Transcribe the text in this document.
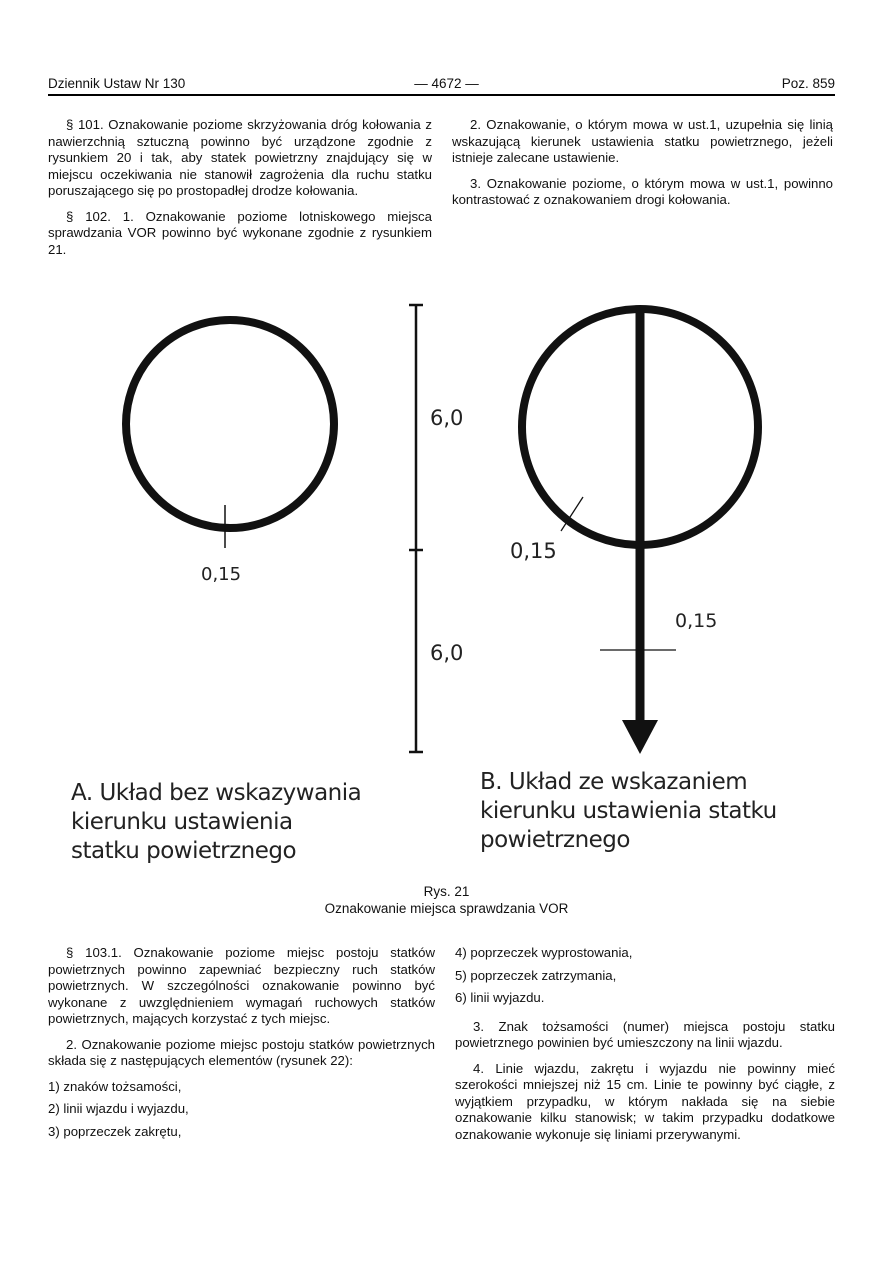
Dziennik Ustaw Nr 130	— 4672 —	Poz. 859

§ 101. Oznakowanie poziome skrzyżowania dróg kołowania z nawierzchnią sztuczną powinno być urządzone zgodnie z rysunkiem 20 i tak, aby statek powietrzny znajdujący się w miejscu oczekiwania nie stanowił zagrożenia dla ruchu statku poruszającego się po prostopadłej drodze kołowania.

§ 102. 1. Oznakowanie poziome lotniskowego miejsca sprawdzania VOR powinno być wykonane zgodnie z rysunkiem 21.

2. Oznakowanie, o którym mowa w ust.1, uzupełnia się linią wskazującą kierunek ustawienia statku powietrznego, jeżeli istnieje zalecane ustawienie.

3. Oznakowanie poziome, o którym mowa w ust.1, powinno kontrastować z oznakowaniem drogi kołowania.

0,15
6,0
6,0
0,15
0,15
A. Układ bez wskazywania
kierunku ustawienia
statku powietrznego
B. Układ ze wskazaniem
kierunku ustawienia statku
powietrznego
Rys. 21
Oznakowanie miejsca sprawdzania VOR

§ 103.1. Oznakowanie poziome miejsc postoju statków powietrznych powinno zapewniać bezpieczny ruch statków powietrznych. W szczególności oznakowanie powinno być wykonane z uwzględnieniem wymagań ruchowych statków powietrznych, mających korzystać z tych miejsc.

2. Oznakowanie poziome miejsc postoju statków powietrznych składa się z następujących elementów (rysunek 22):

1) znaków tożsamości,

2) linii wjazdu i wyjazdu,

3) poprzeczek zakrętu,

4) poprzeczek wyprostowania,

5) poprzeczek zatrzymania,

6) linii wyjazdu.

3. Znak tożsamości (numer) miejsca postoju statku powietrznego powinien być umieszczony na linii wjazdu.

4. Linie wjazdu, zakrętu i wyjazdu nie powinny mieć szerokości mniejszej niż 15 cm. Linie te powinny być ciągłe, z wyjątkiem przypadku, w którym nakłada się na siebie oznakowanie kilku stanowisk; w takim przypadku dodatkowe oznakowanie wykonuje się liniami przerywanymi.
